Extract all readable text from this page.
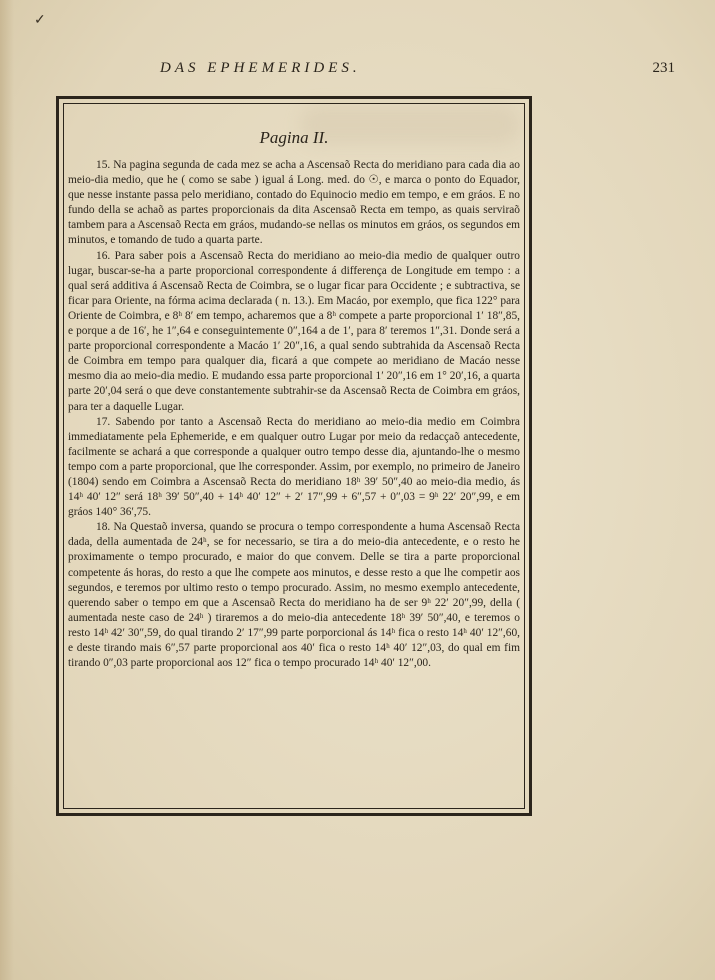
✓
DAS EPHEMERIDES.	231
Pagina II.

15. Na pagina segunda de cada mez se acha a Ascensaõ Recta do meridiano para cada dia ao meio-dia medio, que he ( como se sabe ) igual á Long. med. do ☉, e marca o ponto do Equador, que nesse instante passa pelo meridiano, contado do Equinocio medio em tempo, e em gráos. E no fundo della se achaõ as partes proporcionais da dita Ascensaõ Recta em tempo, as quais serviraõ tambem para a Ascensaõ Recta em gráos, mudando-se nellas os minutos em gráos, os segundos em minutos, e tomando de tudo a quarta parte.

16. Para saber pois a Ascensaõ Recta do meridiano ao meio-dia medio de qualquer outro lugar, buscar-se-ha a parte proporcional correspondente á differença de Longitude em tempo : a qual será additiva á Ascensaõ Recta de Coimbra, se o lugar ficar para Occidente ; e subtractiva, se ficar para Oriente, na fórma acima declarada ( n. 13.). Em Macáo, por exemplo, que fica 122° para Oriente de Coimbra, e 8ʰ 8′ em tempo, acharemos que a 8ʰ compete a parte proporcional 1′ 18″,85, e porque a de 16′, he 1″,64 e conseguintemente 0″,164 a de 1′, para 8′ teremos 1″,31. Donde será a parte proporcional correspondente a Macáo 1′ 20″,16, a qual sendo subtrahida da Ascensaõ Recta de Coimbra em tempo para qualquer dia, ficará a que compete ao meridiano de Macáo nesse mesmo dia ao meio-dia medio. E mudando essa parte proporcional 1′ 20″,16 em 1° 20′,16, a quarta parte 20′,04 será o que deve constantemente subtrahir-se da Ascensaõ Recta de Coimbra em gráos, para ter a daquelle Lugar.

17. Sabendo por tanto a Ascensaõ Recta do meridiano ao meio-dia medio em Coimbra immediatamente pela Ephemeride, e em qualquer outro Lugar por meio da redacçaõ antecedente, facilmente se achará a que corresponde a qualquer outro tempo desse dia, ajuntando-lhe o mesmo tempo com a parte proporcional, que lhe corresponder. Assim, por exemplo, no primeiro de Janeiro (1804) sendo em Coimbra a Ascensaõ Recta do meridiano 18ʰ 39′ 50″,40 ao meio-dia medio, ás 14ʰ 40′ 12″ será 18ʰ 39′ 50″,40 + 14ʰ 40′ 12″ + 2′ 17″,99 + 6″,57 + 0″,03 = 9ʰ 22′ 20″,99, e em gráos 140° 36′,75.

18. Na Questaõ inversa, quando se procura o tempo correspondente a huma Ascensaõ Recta dada, della aumentada de 24ʰ, se for necessario, se tira a do meio-dia antecedente, e o resto he proximamente o tempo procurado, e maior do que convem. Delle se tira a parte proporcional competente ás horas, do resto a que lhe compete aos minutos, e desse resto a que lhe competir aos segundos, e teremos por ultimo resto o tempo procurado. Assim, no mesmo exemplo antecedente, querendo saber o tempo em que a Ascensaõ Recta do meridiano ha de ser 9ʰ 22′ 20″,99, della ( aumentada neste caso de 24ʰ ) tiraremos a do meio-dia antecedente 18ʰ 39′ 50″,40, e teremos o resto 14ʰ 42′ 30″,59, do qual tirando 2′ 17″,99 parte porporcional ás 14ʰ fica o resto 14ʰ 40′ 12″,60, e deste tirando mais 6″,57 parte proporcional aos 40′ fica o resto 14ʰ 40′ 12″,03, do qual em fim tirando 0″,03 parte proporcional aos 12″ fica o tempo procurado 14ʰ 40′ 12″,00.
